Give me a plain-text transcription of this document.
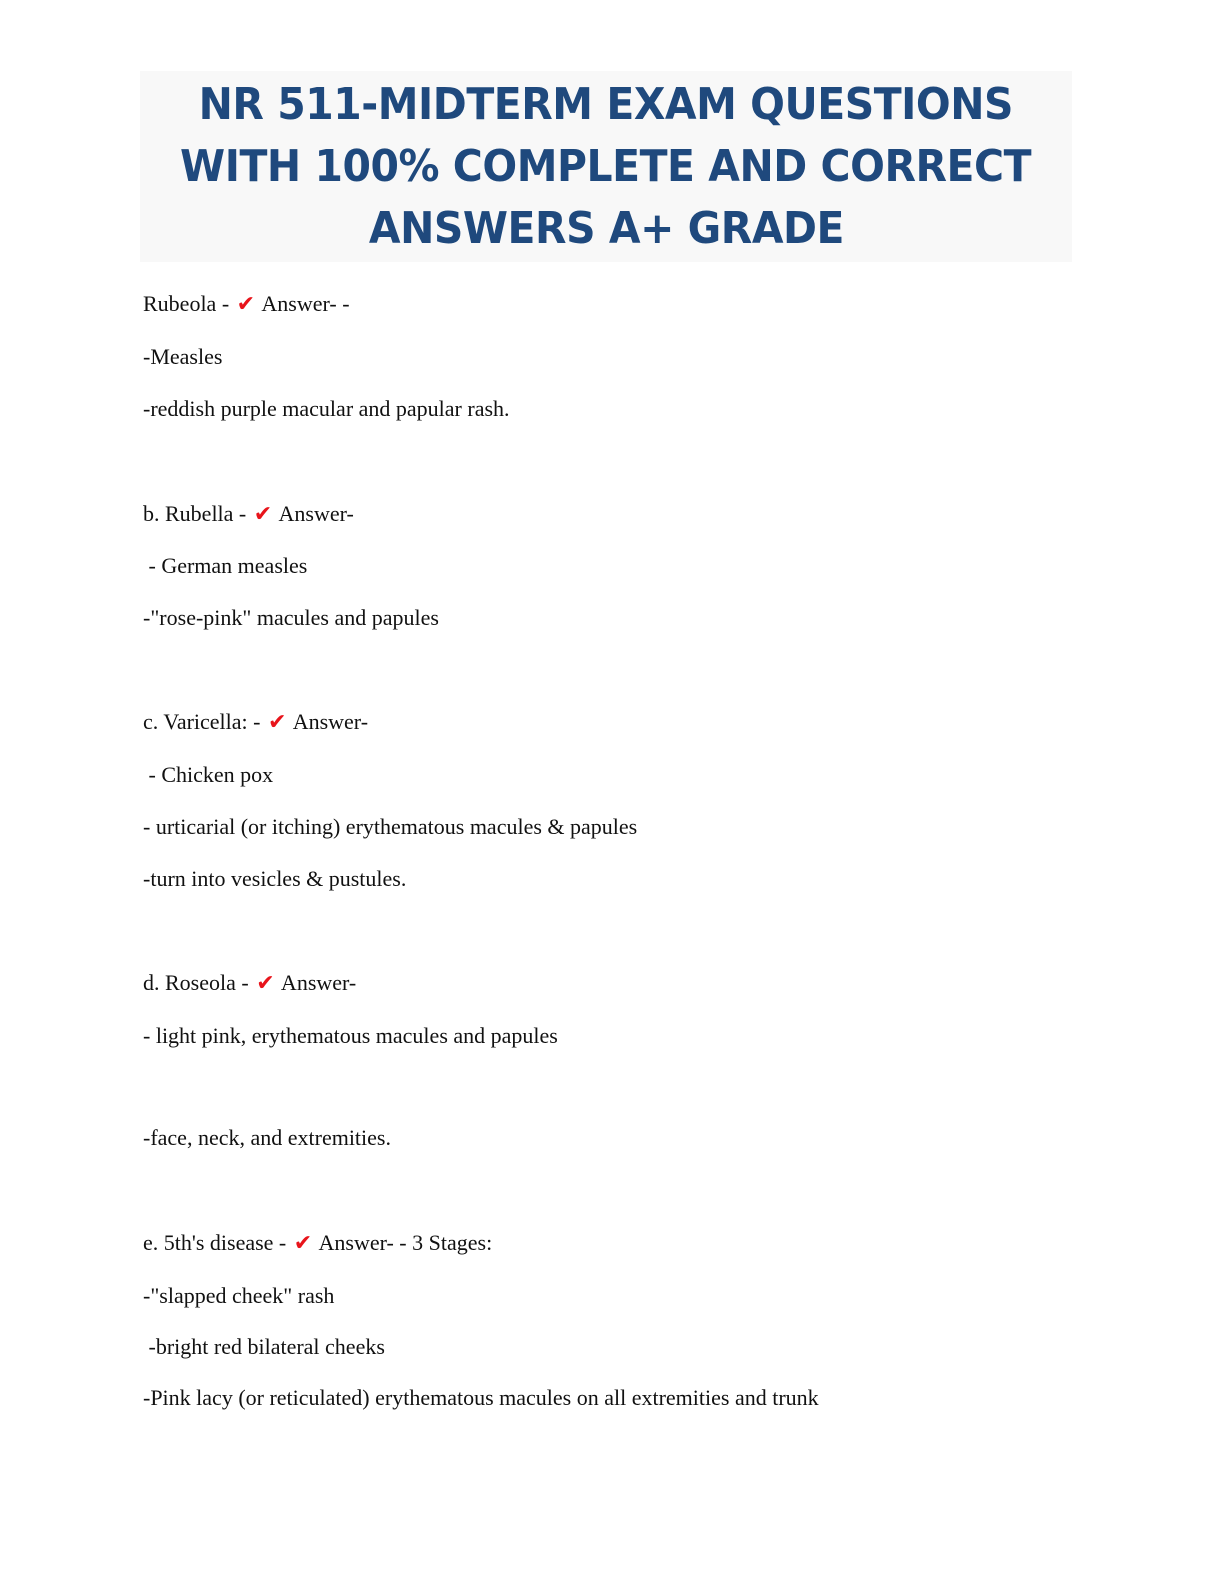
NR 511-MIDTERM EXAM QUESTIONS
WITH 100% COMPLETE AND CORRECT
ANSWERS A+ GRADE
Rubeola - ✔ Answer- -
-Measles
-reddish purple macular and papular rash.
b. Rubella - ✔ Answer-
- German measles
-"rose-pink" macules and papules
c. Varicella: - ✔ Answer-
- Chicken pox
- urticarial (or itching) erythematous macules & papules
-turn into vesicles & pustules.
d. Roseola - ✔ Answer-
- light pink, erythematous macules and papules
-face, neck, and extremities.
e. 5th's disease - ✔ Answer- - 3 Stages:
-"slapped cheek" rash
-bright red bilateral cheeks
-Pink lacy (or reticulated) erythematous macules on all extremities and trunk
